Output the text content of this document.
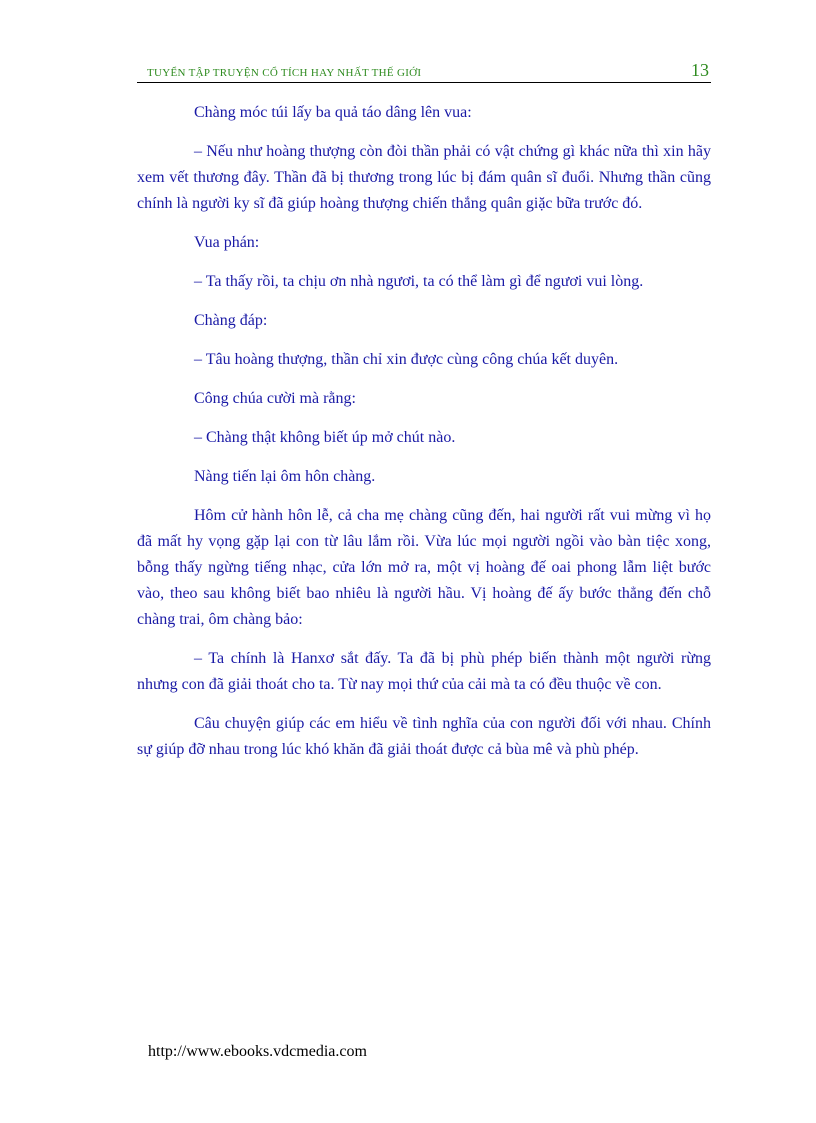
TUYỂN TẬP TRUYỆN CỔ TÍCH HAY NHẤT THẾ GIỚI	13

Chàng móc túi lấy ba quả táo dâng lên vua:

– Nếu như hoàng thượng còn đòi thần phải có vật chứng gì khác nữa thì xin hãy xem vết thương đây. Thần đã bị thương trong lúc bị đám quân sĩ đuổi. Nhưng thần cũng chính là người ky sĩ đã giúp hoàng thượng chiến thắng quân giặc bữa trước đó.

Vua phán:

– Ta thấy rồi, ta chịu ơn nhà ngươi, ta có thể làm gì để ngươi vui lòng.

Chàng đáp:

– Tâu hoàng thượng, thần chỉ xin được cùng công chúa kết duyên.

Công chúa cười mà rằng:

– Chàng thật không biết úp mở chút nào.

Nàng tiến lại ôm hôn chàng.

Hôm cử hành hôn lễ, cả cha mẹ chàng cũng đến, hai người rất vui mừng vì họ đã mất hy vọng gặp lại con từ lâu lắm rồi. Vừa lúc mọi người ngồi vào bàn tiệc xong, bỗng thấy ngừng tiếng nhạc, cửa lớn mở ra, một vị hoàng đế oai phong lẫm liệt bước vào, theo sau không biết bao nhiêu là người hầu. Vị hoàng đế ấy bước thẳng đến chỗ chàng trai, ôm chàng bảo:

– Ta chính là Hanxơ sắt đấy. Ta đã bị phù phép biến thành một người rừng nhưng con đã giải thoát cho ta. Từ nay mọi thứ của cải mà ta có đều thuộc về con.

Câu chuyện giúp các em hiểu về tình nghĩa của con người đối với nhau. Chính sự giúp đỡ nhau trong lúc khó khăn đã giải thoát được cả bùa mê và phù phép.

http://www.ebooks.vdcmedia.com
